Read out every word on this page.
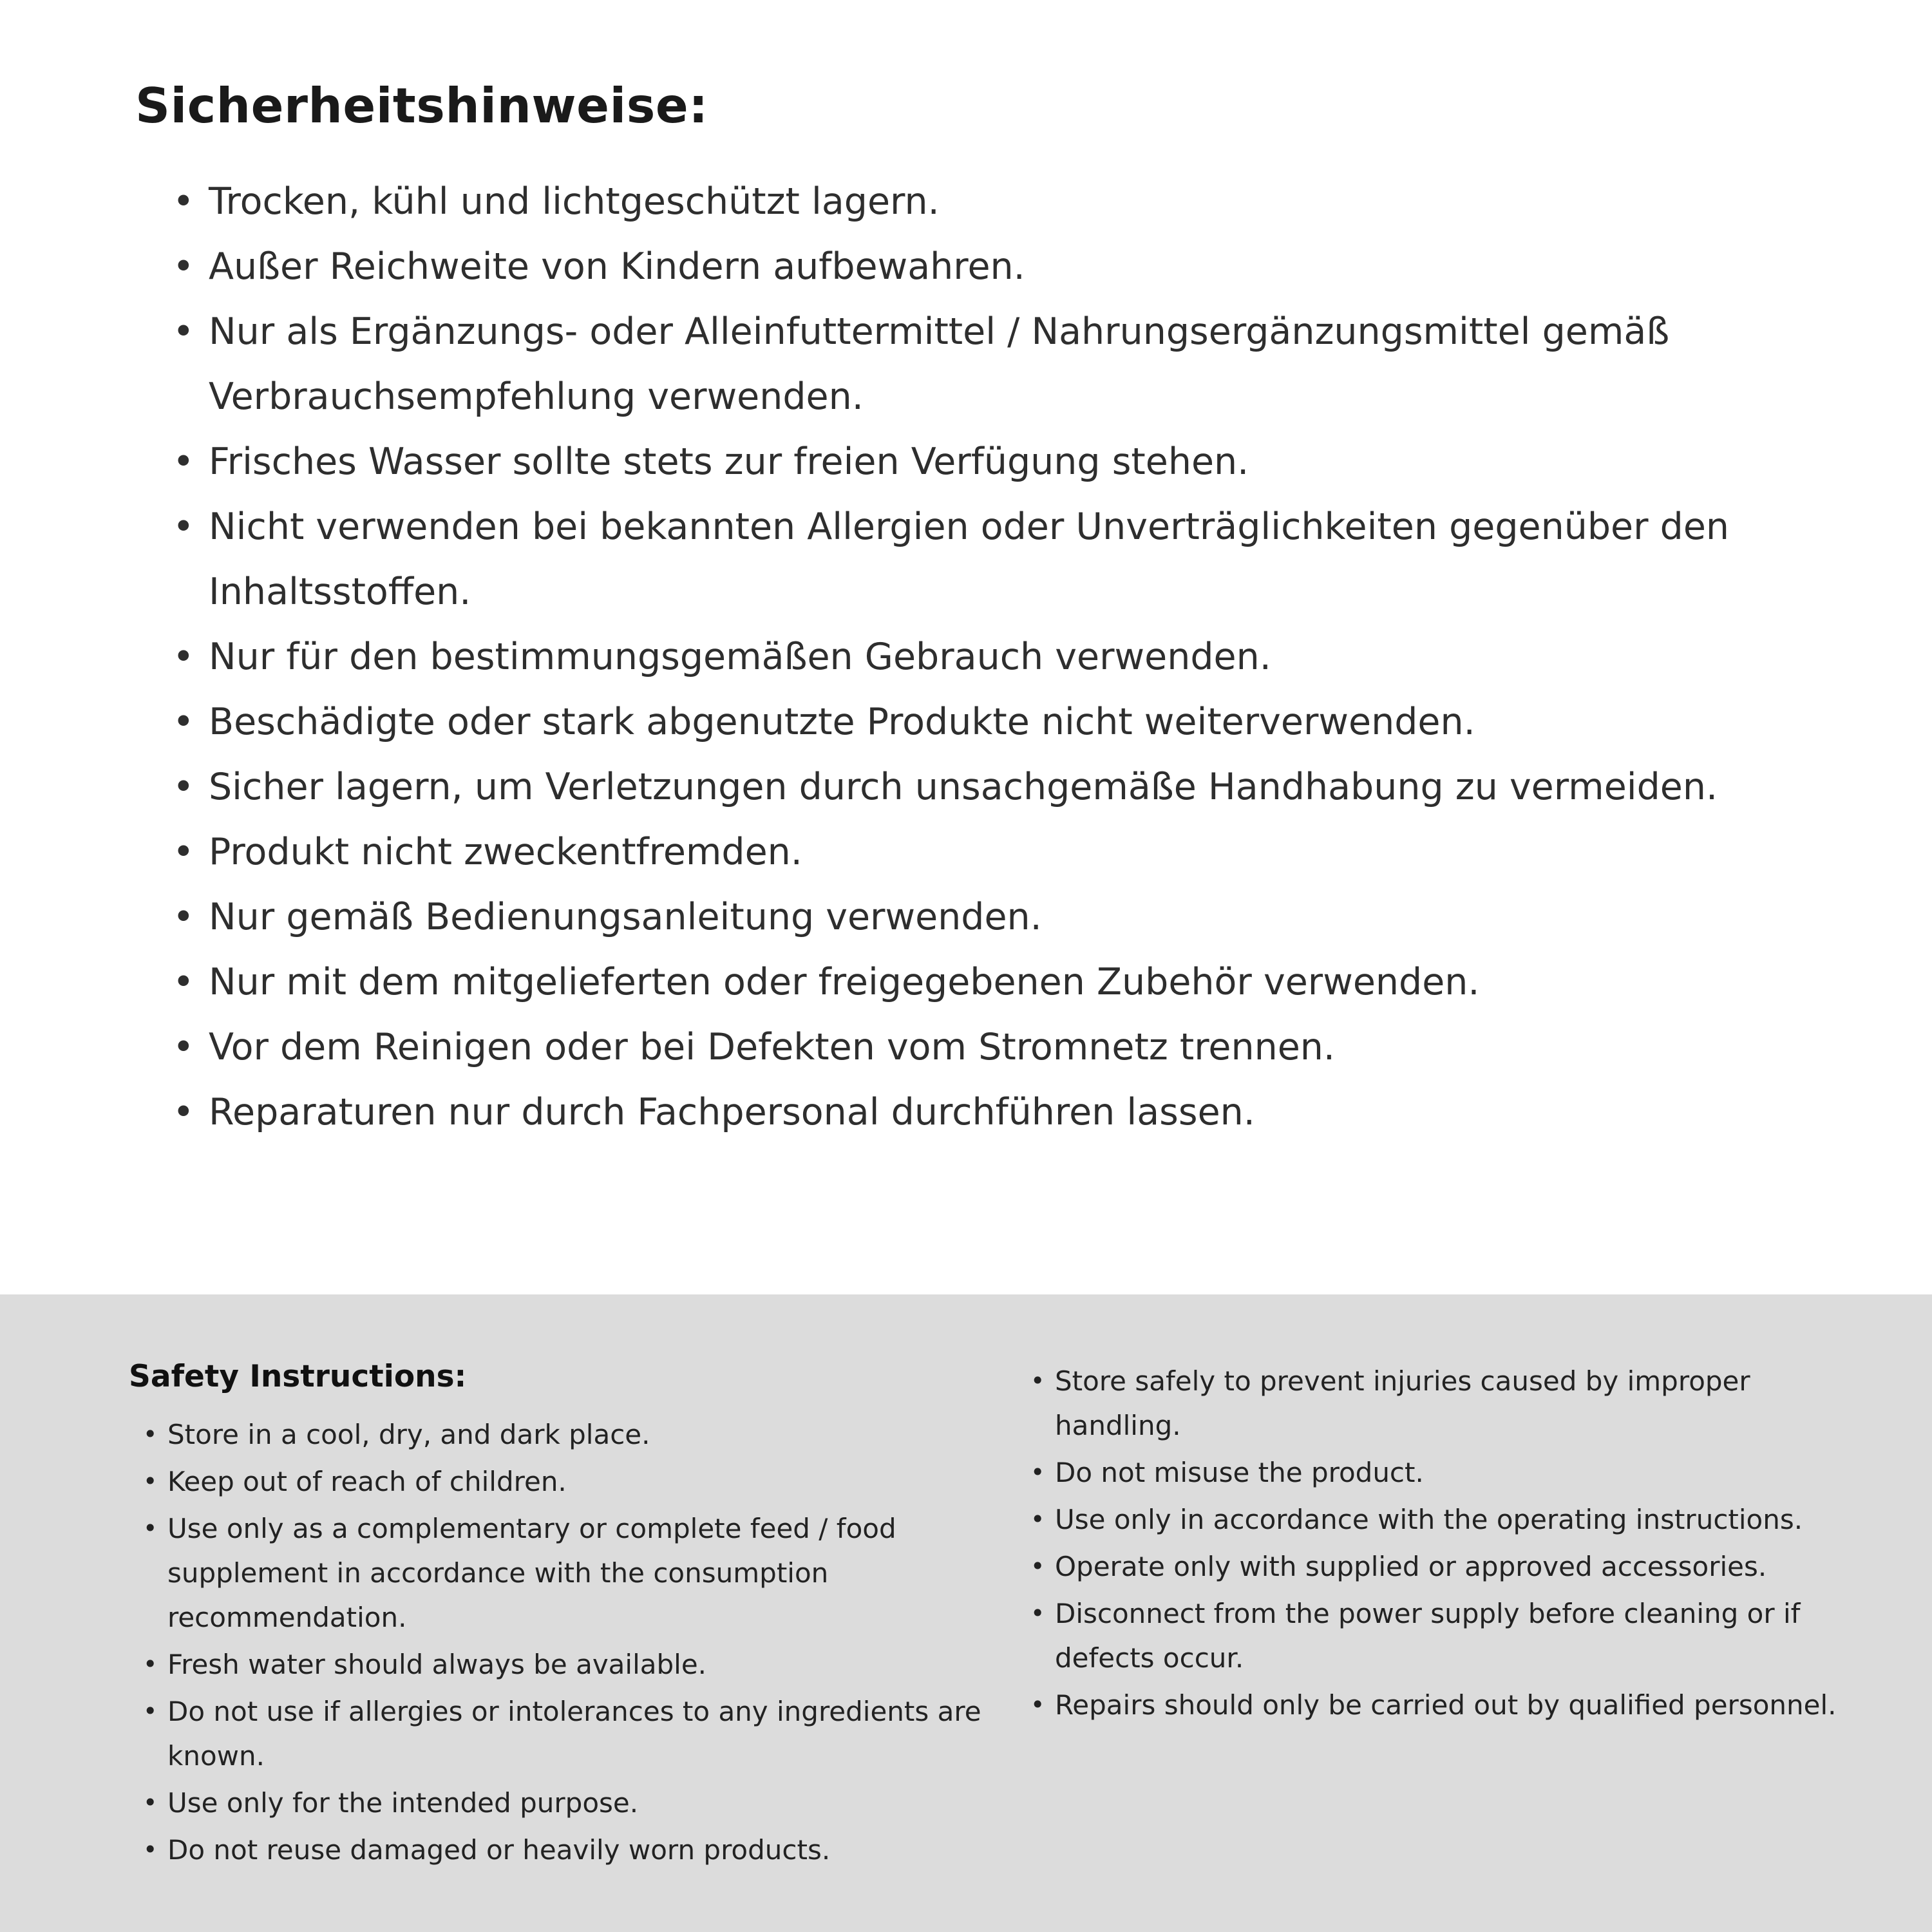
Sicherheitshinweise:
• Trocken, kühl und lichtgeschützt lagern.
• Außer Reichweite von Kindern aufbewahren.
• Nur als Ergänzungs- oder Alleinfuttermittel / Nahrungsergänzungsmittel gemäß Verbrauchsempfehlung verwenden.
• Frisches Wasser sollte stets zur freien Verfügung stehen.
• Nicht verwenden bei bekannten Allergien oder Unverträglichkeiten gegenüber den Inhaltsstoffen.
• Nur für den bestimmungsgemäßen Gebrauch verwenden.
• Beschädigte oder stark abgenutzte Produkte nicht weiterverwenden.
• Sicher lagern, um Verletzungen durch unsachgemäße Handhabung zu vermeiden.
• Produkt nicht zweckentfremden.
• Nur gemäß Bedienungsanleitung verwenden.
• Nur mit dem mitgelieferten oder freigegebenen Zubehör verwenden.
• Vor dem Reinigen oder bei Defekten vom Stromnetz trennen.
• Reparaturen nur durch Fachpersonal durchführen lassen.
Safety Instructions:
• Store in a cool, dry, and dark place.
• Keep out of reach of children.
• Use only as a complementary or complete feed / food supplement in accordance with the consumption recommendation.
• Fresh water should always be available.
• Do not use if allergies or intolerances to any ingredients are known.
• Use only for the intended purpose.
• Do not reuse damaged or heavily worn products.
• Store safely to prevent injuries caused by improper handling.
• Do not misuse the product.
• Use only in accordance with the operating instructions.
• Operate only with supplied or approved accessories.
• Disconnect from the power supply before cleaning or if defects occur.
• Repairs should only be carried out by qualified personnel.
